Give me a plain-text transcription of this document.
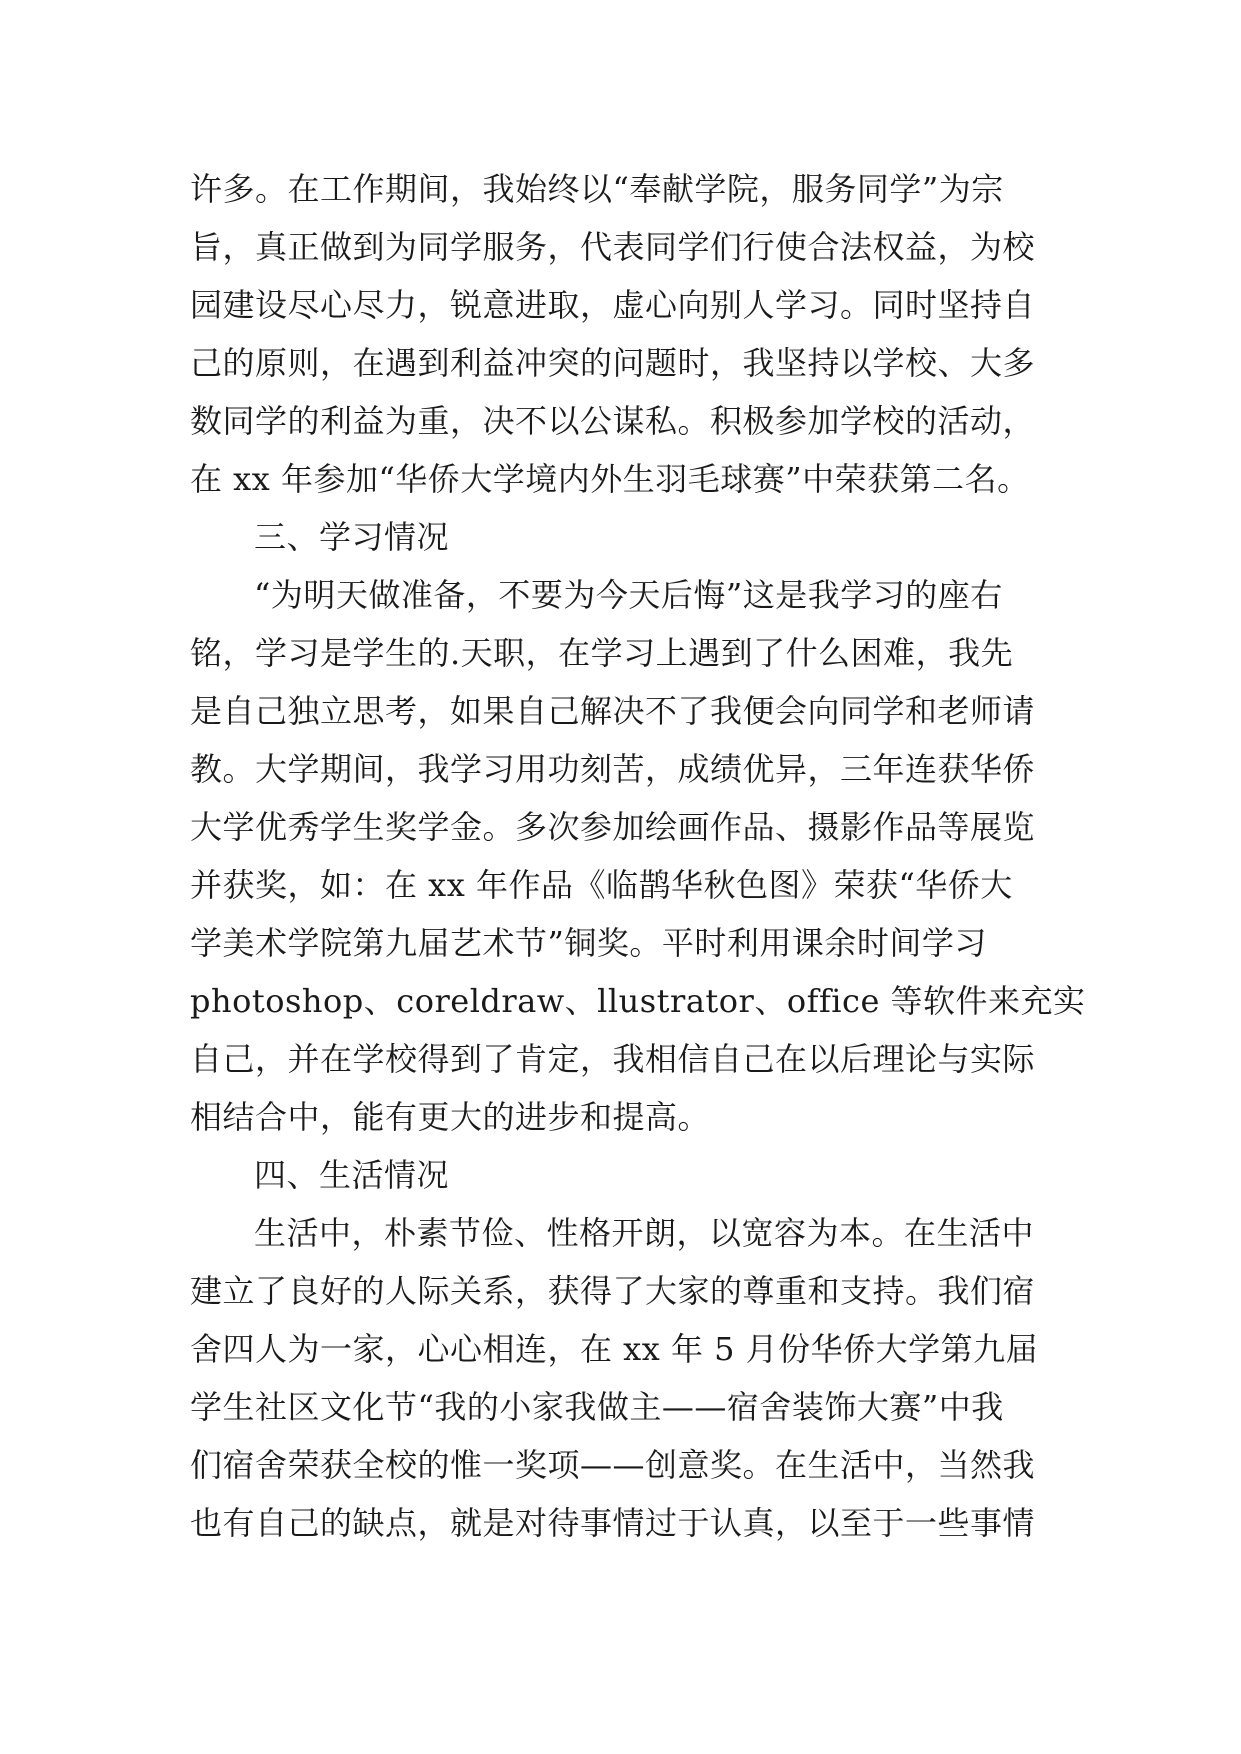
许多。在工作期间，我始终以“奉献学院，服务同学”为宗
旨，真正做到为同学服务，代表同学们行使合法权益，为校
园建设尽心尽力，锐意进取，虚心向别人学习。同时坚持自
己的原则，在遇到利益冲突的问题时，我坚持以学校、大多
数同学的利益为重，决不以公谋私。积极参加学校的活动，
在 xx 年参加“华侨大学境内外生羽毛球赛”中荣获第二名。
三、学习情况
“为明天做准备，不要为今天后悔”这是我学习的座右
铭，学习是学生的.天职，在学习上遇到了什么困难，我先
是自己独立思考，如果自己解决不了我便会向同学和老师请
教。大学期间，我学习用功刻苦，成绩优异，三年连获华侨
大学优秀学生奖学金。多次参加绘画作品、摄影作品等展览
并获奖，如：在 xx 年作品《临鹊华秋色图》荣获“华侨大
学美术学院第九届艺术节”铜奖。平时利用课余时间学习
photoshop、coreldraw、llustrator、office 等软件来充实
自己，并在学校得到了肯定，我相信自己在以后理论与实际
相结合中，能有更大的进步和提高。
四、生活情况
生活中，朴素节俭、性格开朗，以宽容为本。在生活中
建立了良好的人际关系，获得了大家的尊重和支持。我们宿
舍四人为一家，心心相连，在 xx 年 5 月份华侨大学第九届
学生社区文化节“我的小家我做主——宿舍装饰大赛”中我
们宿舍荣获全校的惟一奖项——创意奖。在生活中，当然我
也有自己的缺点，就是对待事情过于认真，以至于一些事情
